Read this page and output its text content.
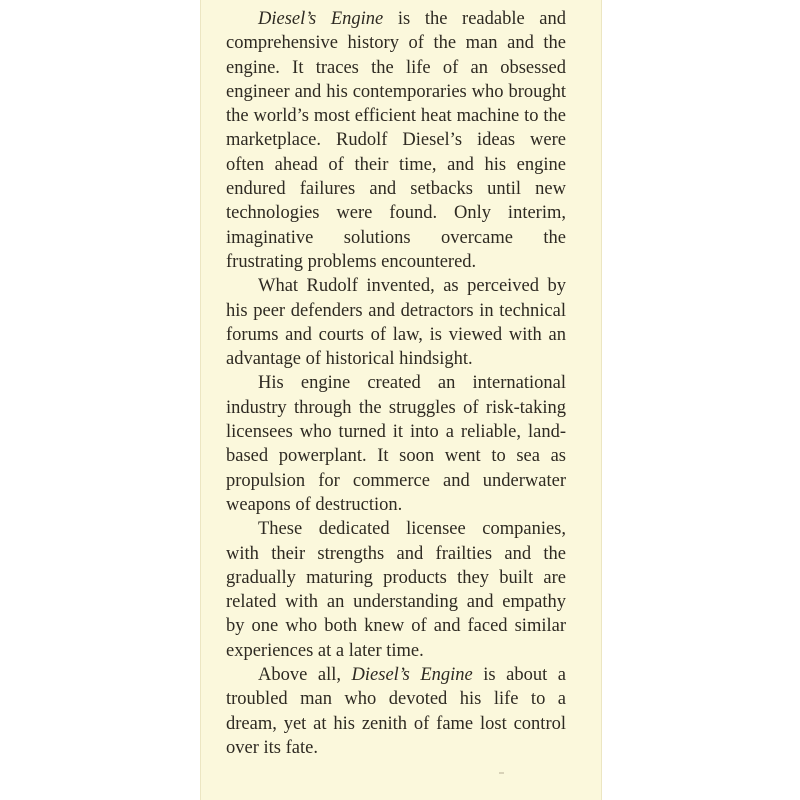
Diesel’s Engine is the readable and comprehensive history of the man and the engine. It traces the life of an obsessed engineer and his contemporaries who brought the world’s most efficient heat machine to the marketplace. Rudolf Diesel’s ideas were often ahead of their time, and his engine endured failures and setbacks until new technologies were found. Only interim, imaginative solutions overcame the frustrating problems encountered.

What Rudolf invented, as perceived by his peer defenders and detractors in technical forums and courts of law, is viewed with an advantage of historical hindsight.

His engine created an international industry through the struggles of risk-taking licensees who turned it into a reliable, land-based powerplant. It soon went to sea as propulsion for commerce and underwater weapons of destruction.

These dedicated licensee companies, with their strengths and frailties and the gradually maturing products they built are related with an understanding and empathy by one who both knew of and faced similar experiences at a later time.

Above all, Diesel’s Engine is about a troubled man who devoted his life to a dream, yet at his zenith of fame lost control over its fate.
